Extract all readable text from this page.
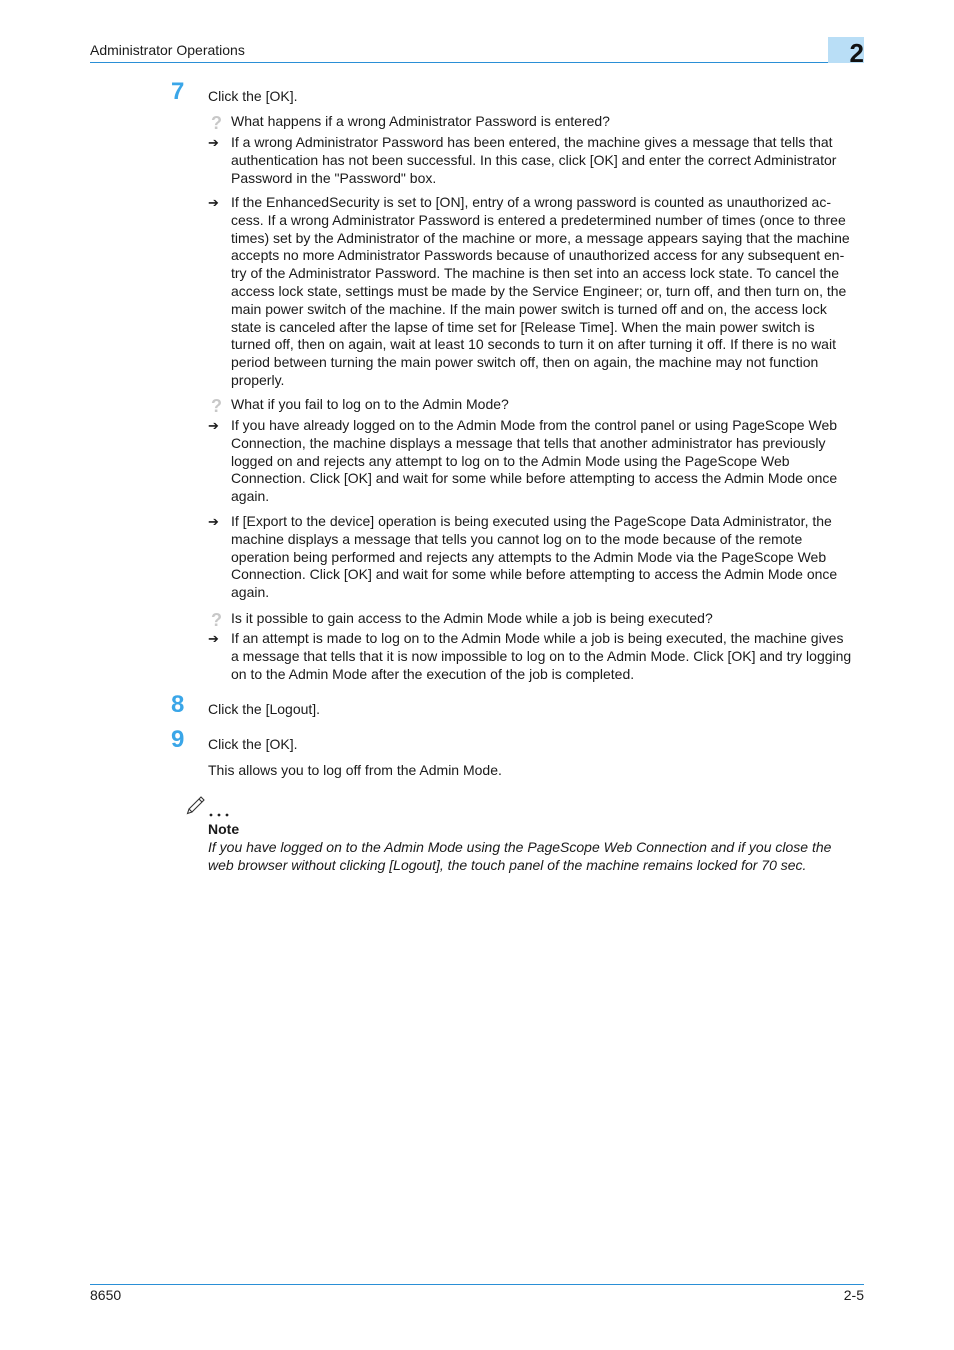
Administrator Operations	2
7 Click the [OK].
? What happens if a wrong Administrator Password is entered?
➔ If a wrong Administrator Password has been entered, the machine gives a message that tells that
authentication has not been successful. In this case, click [OK] and enter the correct Administrator
Password in the "Password" box.
➔ If the EnhancedSecurity is set to [ON], entry of a wrong password is counted as unauthorized ac-
cess. If a wrong Administrator Password is entered a predetermined number of times (once to three
times) set by the Administrator of the machine or more, a message appears saying that the machine
accepts no more Administrator Passwords because of unauthorized access for any subsequent en-
try of the Administrator Password. The machine is then set into an access lock state. To cancel the
access lock state, settings must be made by the Service Engineer; or, turn off, and then turn on, the
main power switch of the machine. If the main power switch is turned off and on, the access lock
state is canceled after the lapse of time set for [Release Time]. When the main power switch is
turned off, then on again, wait at least 10 seconds to turn it on after turning it off. If there is no wait
period between turning the main power switch off, then on again, the machine may not function
properly.
? What if you fail to log on to the Admin Mode?
➔ If you have already logged on to the Admin Mode from the control panel or using PageScope Web
Connection, the machine displays a message that tells that another administrator has previously
logged on and rejects any attempt to log on to the Admin Mode using the PageScope Web
Connection. Click [OK] and wait for some while before attempting to access the Admin Mode once
again.
➔ If [Export to the device] operation is being executed using the PageScope Data Administrator, the
machine displays a message that tells you cannot log on to the mode because of the remote
operation being performed and rejects any attempts to the Admin Mode via the PageScope Web
Connection. Click [OK] and wait for some while before attempting to access the Admin Mode once
again.
? Is it possible to gain access to the Admin Mode while a job is being executed?
➔ If an attempt is made to log on to the Admin Mode while a job is being executed, the machine gives
a message that tells that it is now impossible to log on to the Admin Mode. Click [OK] and try logging
on to the Admin Mode after the execution of the job is completed.
8 Click the [Logout].
9 Click the [OK].
This allows you to log off from the Admin Mode.
Note
If you have logged on to the Admin Mode using the PageScope Web Connection and if you close the
web browser without clicking [Logout], the touch panel of the machine remains locked for 70 sec.
8650	2-5
